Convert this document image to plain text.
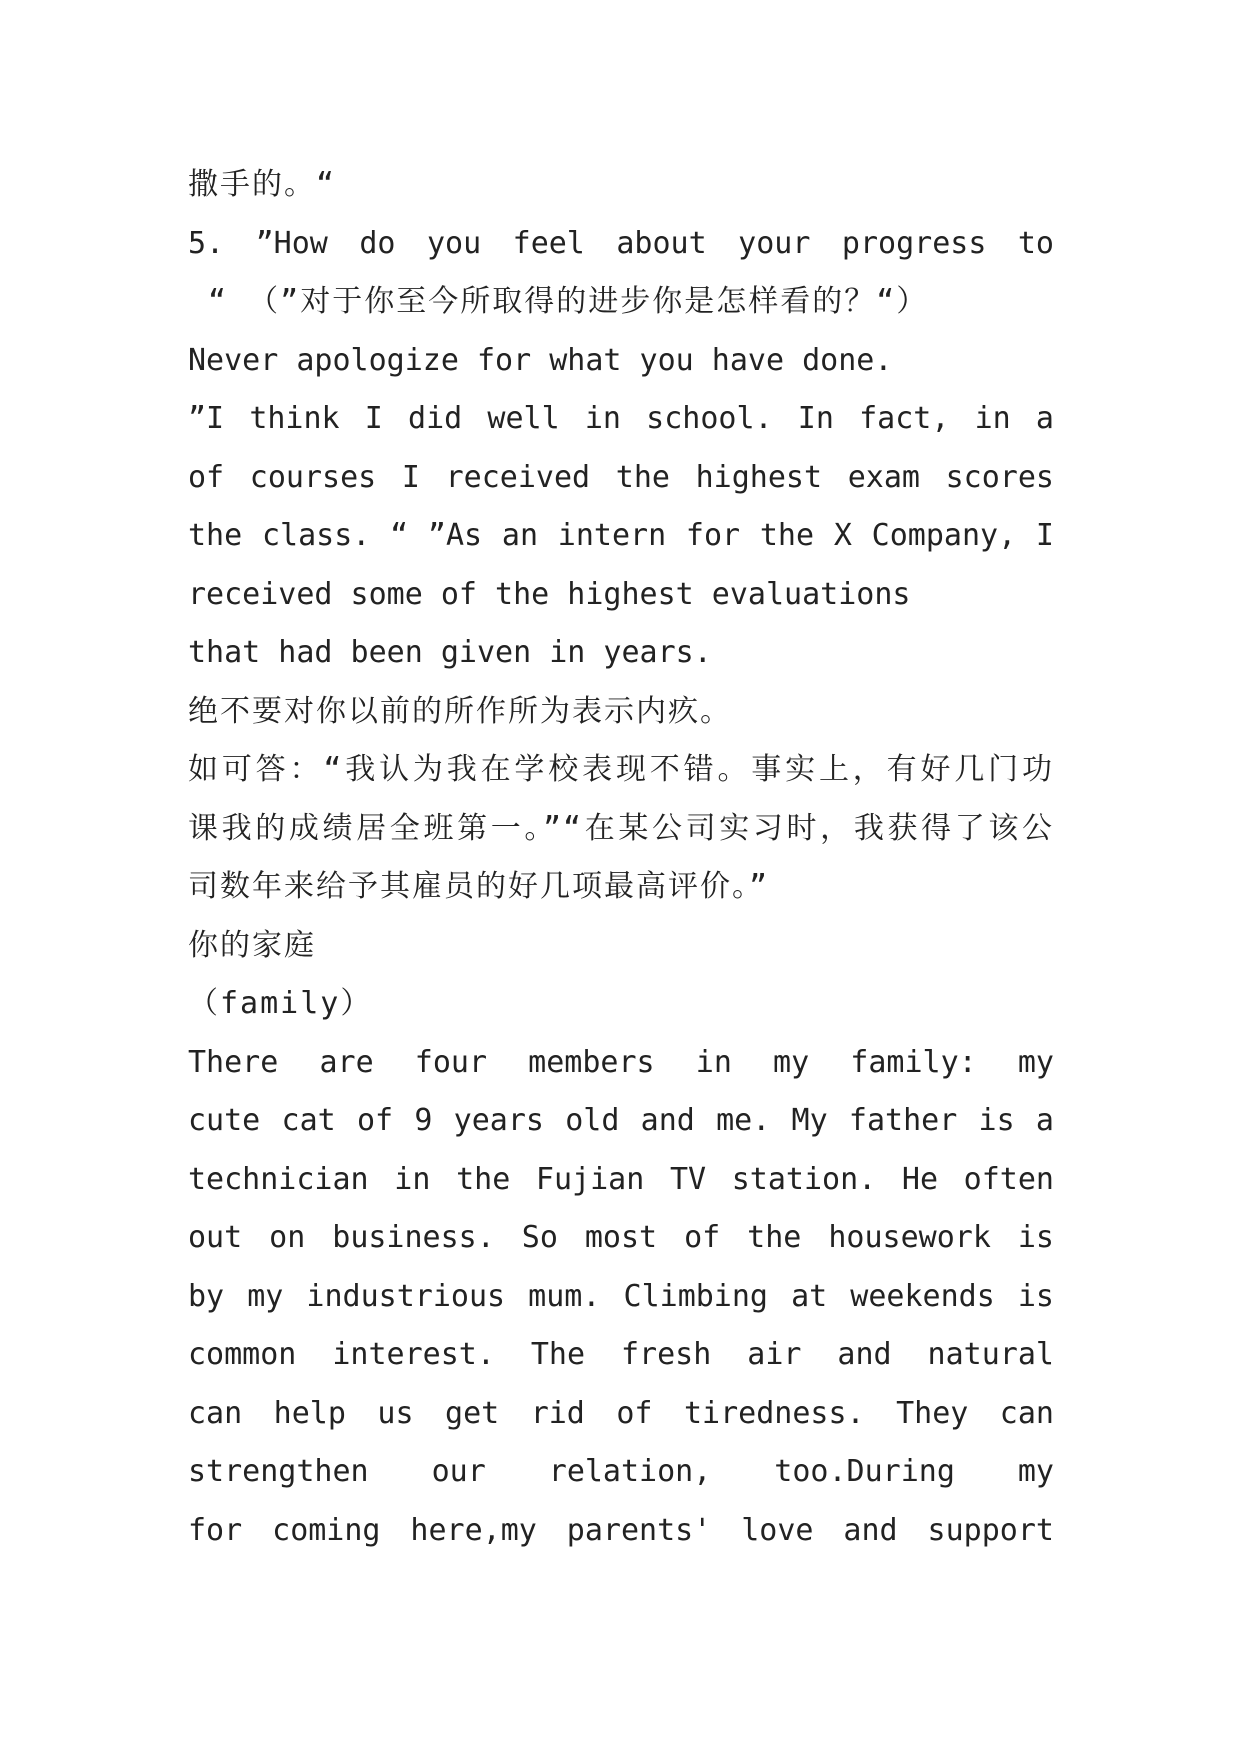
撒手的。“
5. ”How do you feel about your progress to
“ （”对于你至今所取得的进步你是怎样看的？“）
Never apologize for what you have done.
”I think I did well in school. In fact, in a
of courses I received the highest exam scores
the class. “ ”As an intern for the X Company, I
received some of the highest evaluations
that had been given in years.
绝不要对你以前的所作所为表示内疚。
如可答：“我认为我在学校表现不错。事实上，有好几门功
课我的成绩居全班第一。”“在某公司实习时，我获得了该公
司数年来给予其雇员的好几项最高评价。”
你的家庭
（family）
There are four members in my family: my
cute cat of 9 years old and me. My father is a
technician in the Fujian TV station. He often
out on business. So most of the housework is
by my industrious mum. Climbing at weekends is
common interest. The fresh air and natural
can help us get rid of tiredness. They can
strengthen our relation, too.During my
for coming here,my parents' love and support
